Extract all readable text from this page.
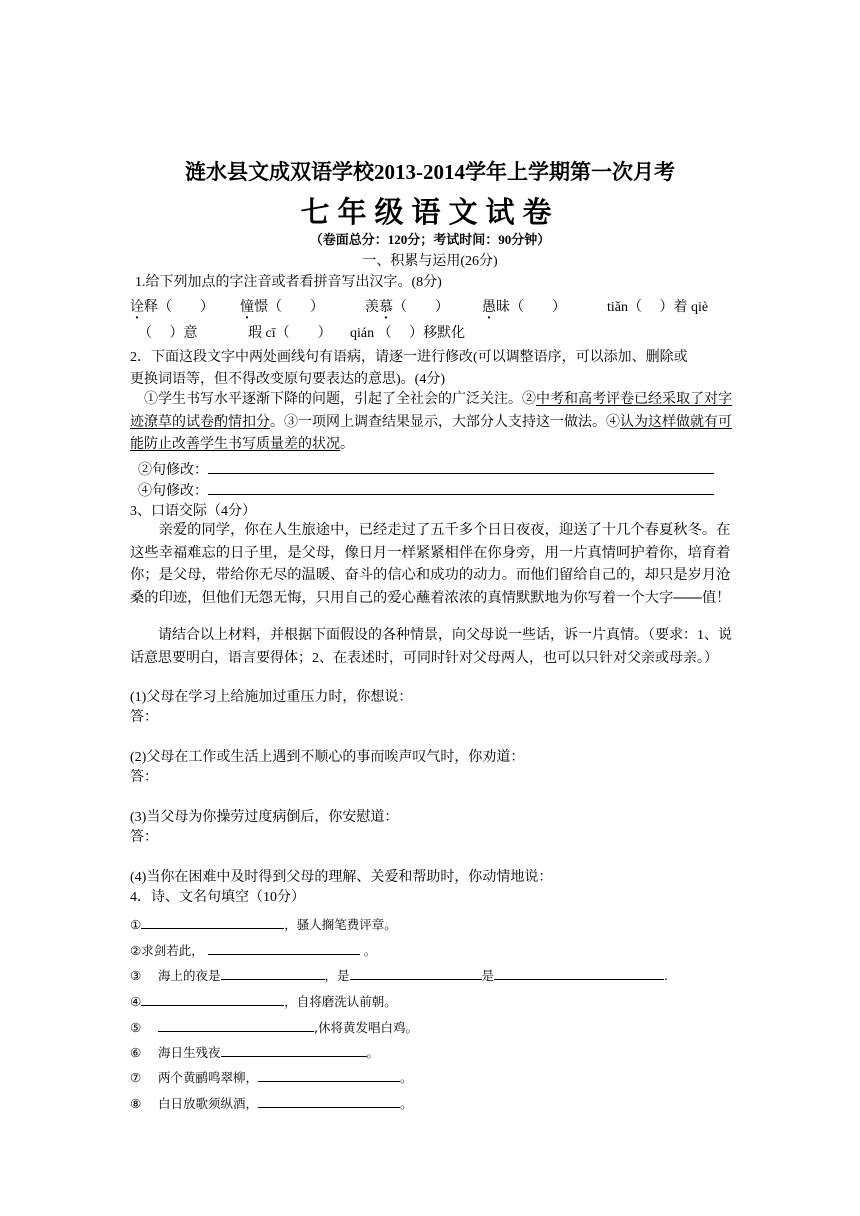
涟水县文成双语学校2013-2014学年上学期第一次月考
七年级语文试卷
（卷面总分：120分；考试时间：90分钟）
一、积累与运用(26分)
1.给下列加点的字注音或者看拼音写出汉字。(8分)
诠释（　　） 憧憬（　　）	羡慕（　　） 愚昧（　　）	tiǎn（　 ）着 qiè
（　 ）意	瑕 cī（　　） qián （　 ）移默化
2．下面这段文字中两处画线句有语病，请逐一进行修改(可以调整语序，可以添加、删除或
更换词语等，但不得改变原句要表达的意思)。(4分)
①学生书写水平逐渐下降的问题，引起了全社会的广泛关注。②中考和高考评卷已经采取了对字迹潦草的试卷酌情扣分。③一项网上调查结果显示，大部分人支持这一做法。④认为这样做就有可能防止改善学生书写质量差的状况。
②句修改：
④句修改：
3、口语交际（4分）
　　亲爱的同学，你在人生旅途中，已经走过了五千多个日日夜夜，迎送了十几个春夏秋冬。在这些幸福难忘的日子里，是父母，像日月一样紧紧相伴在你身旁，用一片真情呵护着你，培育着你；是父母，带给你无尽的温暖、奋斗的信心和成功的动力。而他们留给自己的，却只是岁月沧桑的印迹，但他们无怨无悔，只用自己的爱心蘸着浓浓的真情默默地为你写着一个大字——值！
　　请结合以上材料，并根据下面假设的各种情景，向父母说一些话，诉一片真情。（要求：1、说话意思要明白，语言要得体；2、在表述时，可同时针对父母两人，也可以只针对父亲或母亲。）
(1)父母在学习上给施加过重压力时，你想说：
答：
(2)父母在工作或生活上遇到不顺心的事而唉声叹气时，你劝道：
答：
(3)当父母为你操劳过度病倒后，你安慰道：
答：
(4)当你在困难中及时得到父母的理解、关爱和帮助时，你动情地说：
4．诗、文名句填空（10分）
①	，骚人搁笔费评章。
②求剑若此，	。
③ 海上的夜是	，是	是	.
④	，自将磨洗认前朝。
⑤	,休将黄发唱白鸡。
⑥ 海日生残夜	。
⑦ 两个黄鹂鸣翠柳，	。
⑧ 白日放歌须纵酒，	。
